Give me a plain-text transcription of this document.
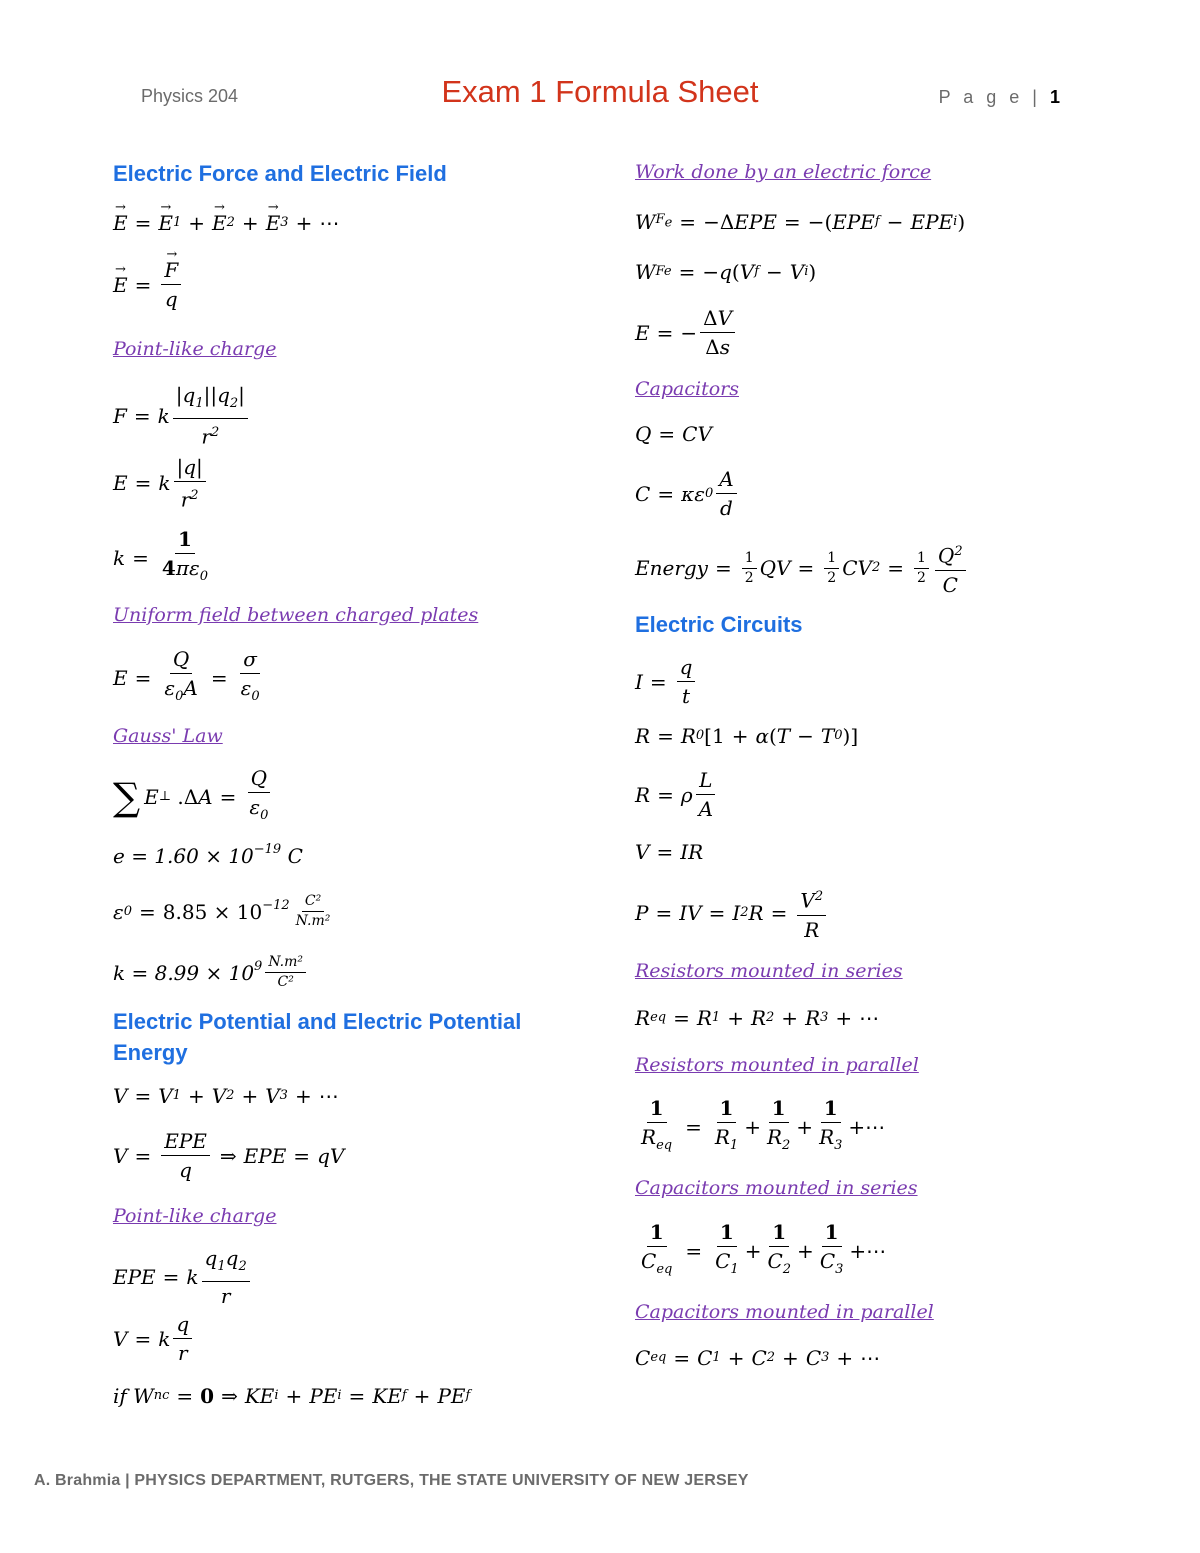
Physics 204	Exam 1 Formula Sheet	P a g e | 1
Electric Force and Electric Field
→ E = → E 1 + → E 2 + → E 3 + ⋯
→ E = → $\frac{F}{q}$
Point-like charge
F = k $\frac{|q_1||q_2|}{r^2}$
E = k $\frac{|q|}{r^2}$
$k = \frac{1}{4\pi\varepsilon_0}$
Uniform field between charged plates
$E = \frac{Q}{\varepsilon_0A} = \frac{\sigma}{\varepsilon_0}$
Gauss' Law
∑ E ⊥ .Δ $A = \frac{Q}{\varepsilon_0}$
$e = 1.60 \times 10^{-19}$
C
ε $0 = 8.85 \times 10^{-12} \frac{\text{C²}}{\text{N.m²}}$
$k = 8.99 \times 10^9 \frac{\text{N.m²}}{\text{C²}}$
Electric Potential and Electric Potential Energy
V = V 1 + V 2 + V 3 + ⋯
$V = \frac{\text{EPE}}{q}$ ⇒ EPE = qV
Point-like charge
EPE = k $\frac{q_1q_2}{r}$
V = k $\frac{q}{r}$
if W nc = 0 ⇒ KE i + PE i = KE f + PE f
Work done by an electric force
W $F_e = -\Delta$ EPE = −( EPE f − EPE i )
W Fe = − q ( V f − V i )
E = − $\frac{\Delta V}{\Delta s}$
Capacitors
Q = CV
C = κε $0 \frac{A}{d}$
Energy = $\frac{1}{2}$ QV = $\frac{1}{2}$ CV $2 = \frac{1}{2} \frac{Q^2}{C}$
Electric Circuits
$I = \frac{q}{t}$
R = R 0 [1 + α ( T − T 0 )]
R = ρ $\frac{L}{A}$
V = IR
P = IV = I 2 $R = \frac{V^2}{R}$
Resistors mounted in series
R eq = R 1 + R 2 + R 3 + ⋯
Resistors mounted in parallel
$\frac{1}{R_{eq}} = \frac{1}{R_1} + \frac{1}{R_2} + \frac{1}{R_3}$ +⋯
Capacitors mounted in series
$\frac{1}{C_{eq}} = \frac{1}{C_1} + \frac{1}{C_2} + \frac{1}{C_3}$ +⋯
Capacitors mounted in parallel
C eq = C 1 + C 2 + C 3 + ⋯
A. Brahmia | PHYSICS DEPARTMENT, RUTGERS, THE STATE UNIVERSITY OF NEW JERSEY
